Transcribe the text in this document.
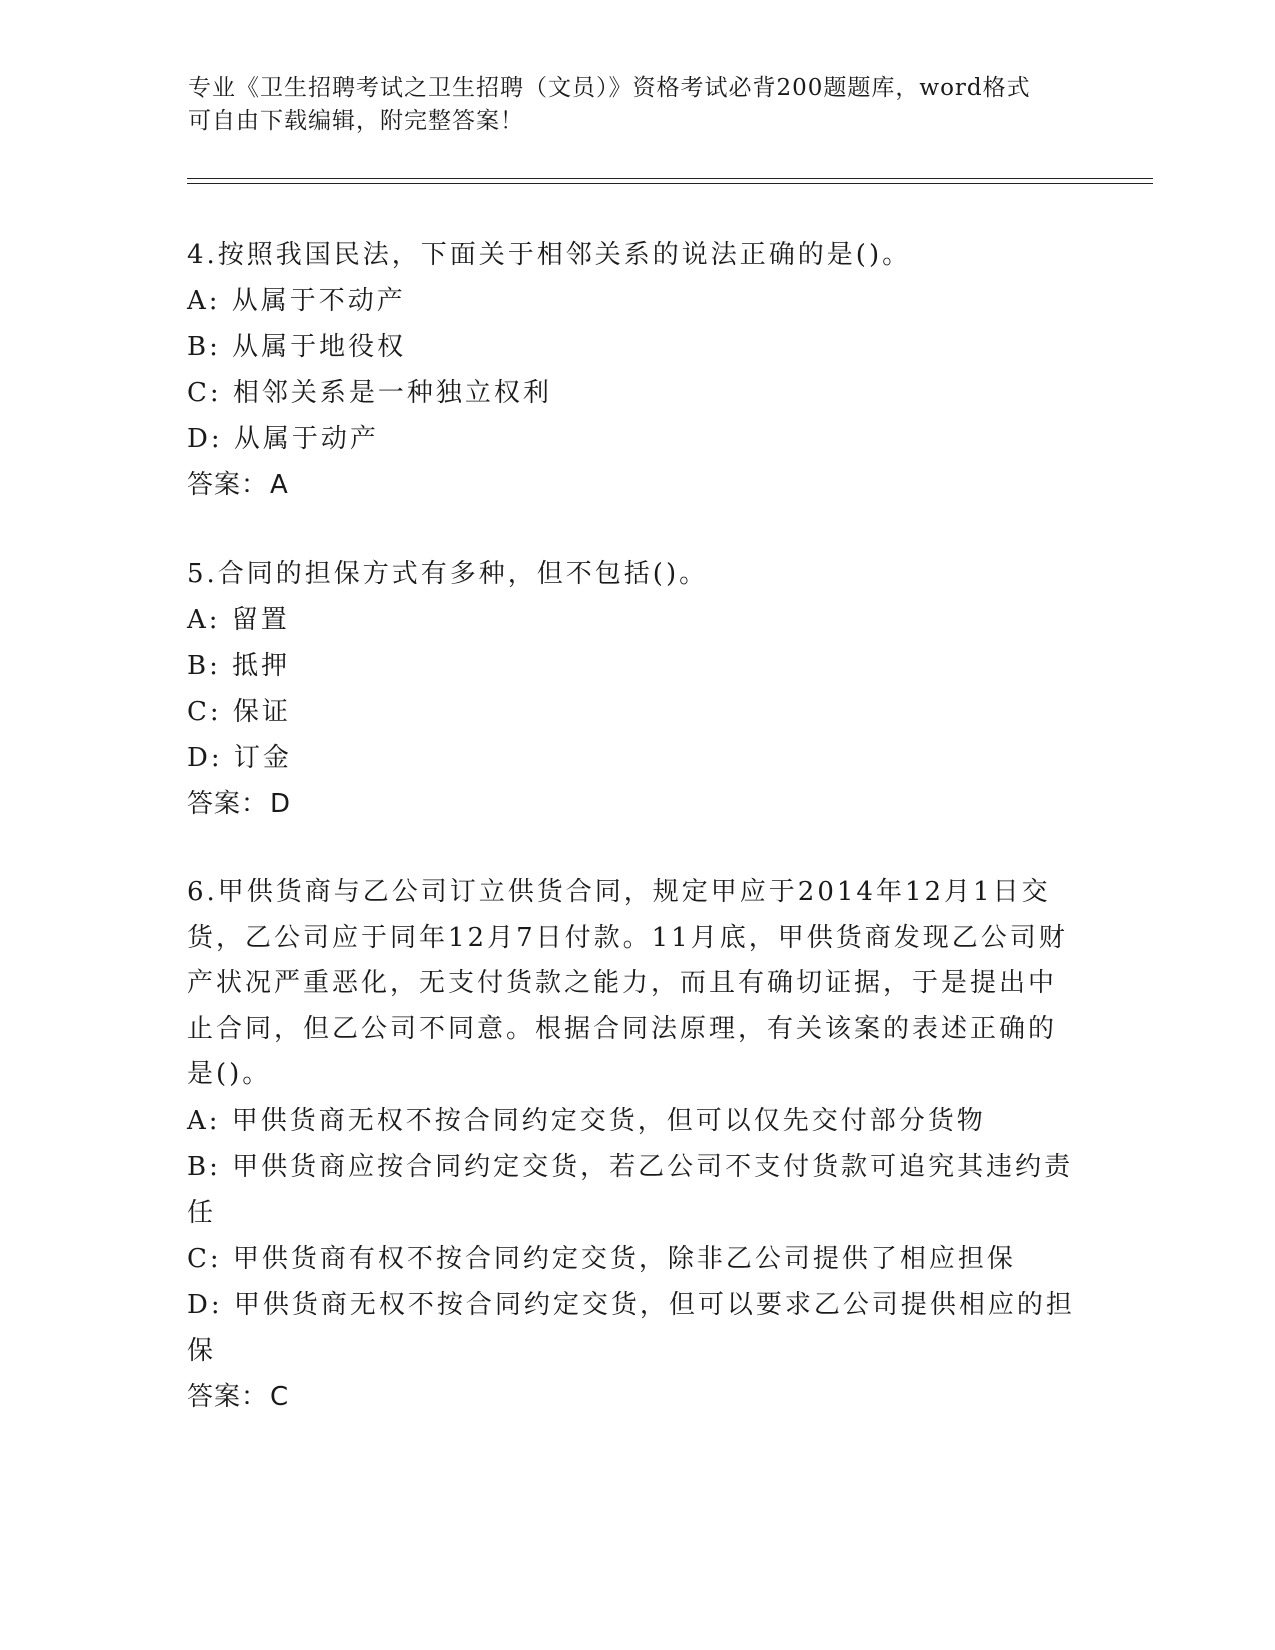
专业《卫生招聘考试之卫生招聘（文员）》资格考试必背200题题库，word格式
可自由下载编辑，附完整答案！
4.按照我国民法，下面关于相邻关系的说法正确的是()。
A: 从属于不动产
B: 从属于地役权
C: 相邻关系是一种独立权利
D: 从属于动产
答案：A
5.合同的担保方式有多种，但不包括()。
A: 留置
B: 抵押
C: 保证
D: 订金
答案：D
6.甲供货商与乙公司订立供货合同，规定甲应于2014年12月1日交货，乙公司应于同年12月7日付款。11月底，甲供货商发现乙公司财产状况严重恶化，无支付货款之能力，而且有确切证据，于是提出中止合同，但乙公司不同意。根据合同法原理，有关该案的表述正确的是()。
A: 甲供货商无权不按合同约定交货，但可以仅先交付部分货物
B: 甲供货商应按合同约定交货，若乙公司不支付货款可追究其违约责任
C: 甲供货商有权不按合同约定交货，除非乙公司提供了相应担保
D: 甲供货商无权不按合同约定交货，但可以要求乙公司提供相应的担保
答案：C
